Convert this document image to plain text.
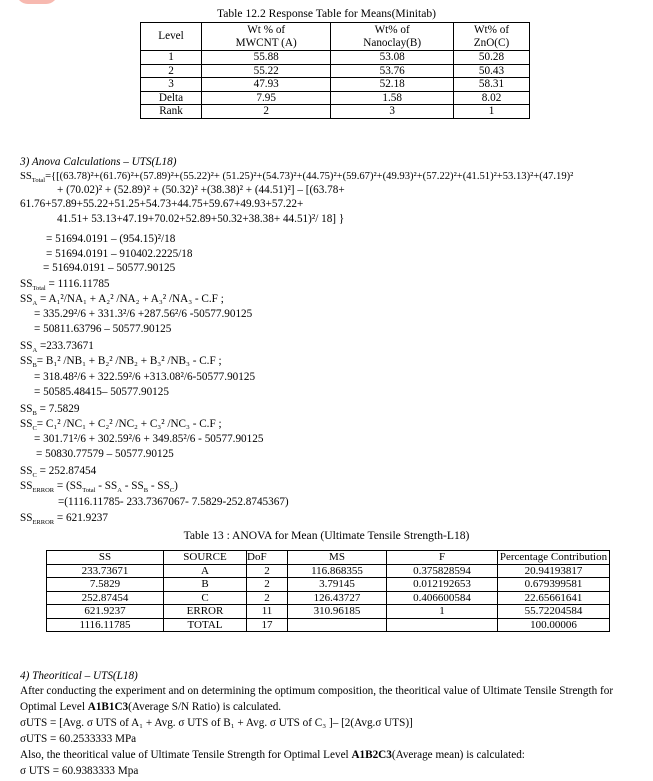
Table 12.2 Response Table for Means(Minitab)
Level	Wt % of	Wt% of	Wt% of
	MWCNT (A)	Nanoclay(B)	ZnO(C)
1	55.88	53.08	50.28
2	55.22	53.76	50.43
3	47.93	52.18	58.31
Delta	7.95	1.58	8.02
Rank	2	3	1
3) Anova Calculations – UTS(L18)
$SS_{Total}=\{[(63.78)^2+(61.76)^2+(57.89)^2+(55.22)^2+ (51.25)^2+(54.73)^2+(44.75)^2+(59.67)^2+(49.93)^2+(57.22)^2+(41.51)^2+53.13)^2+(47.19)^2$
+ (70.02)² + (52.89)² + (50.32)² +(38.38)² + (44.51)²] – [(63.78+
61.76+57.89+55.22+51.25+54.73+44.75+59.67+49.93+57.22+
41.51+ 53.13+47.19+70.02+52.89+50.32+38.38+ 44.51)²/ 18] }
= 51694.0191 – (954.15)²/18
= 51694.0191 – 910402.2225/18
= 51694.0191 – 50577.90125
$SS_{Total} = 1116.11785$
$SS_A = A_1^2/NA_1 + A_2^2$ /NA₂ + A₃² /NA₃ - C.F ;
= 335.29²/6 + 331.3²/6 +287.56²/6 -50577.90125
= 50811.63796 – 50577.90125
$SS_A =233.73671$
$SS_B= B_1^2$ /NB₁ + B₂² /NB₂ + B₃² /NB₃ - C.F ;
= 318.48²/6 + 322.59²/6 +313.08²/6-50577.90125
= 50585.48415– 50577.90125
$SS_B = 7.5829$
$SS_C= C_1^2$ /NC₁ + C₂² /NC₂ + C₃² /NC₃ - C.F ;
= 301.71²/6 + 302.59²/6 + 349.85²/6 - 50577.90125
= 50830.77579 – 50577.90125
$SS_C = 252.87454$
$SS_{ERROR} = (SS_{Total} - SS_A - SS_B - SS_C)$
=(1116.11785- 233.7367067- 7.5829-252.8745367)
$SS_{ERROR} = 621.9237$
Table 13 : ANOVA for Mean (Ultimate Tensile Strength-L18)
SS	SOURCE	DoF	MS	F	Percentage Contribution
233.73671	A	2	116.868355	0.375828594	20.94193817
7.5829	B	2	3.79145	0.012192653	0.679399581
252.87454	C	2	126.43727	0.406600584	22.65661641
621.9237	ERROR	11	310.96185	1	55.72204584
1116.11785	TOTAL	17			100.00006
4) Theoritical – UTS(L18)
After conducting the experiment and on determining the optimum composition, the theoritical value of Ultimate Tensile Strength for
Optimal Level A1B1C3(Average S/N Ratio) is calculated.
σUTS = [Avg. σ UTS of A₁ + Avg. σ UTS of B₁ + Avg. σ UTS of C₃ ]– [2(Avg.σ UTS)]
σUTS = 60.2533333 MPa
Also, the theoritical value of Ultimate Tensile Strength for Optimal Level A1B2C3(Average mean) is calculated:
σ UTS = 60.9383333 Mpa
